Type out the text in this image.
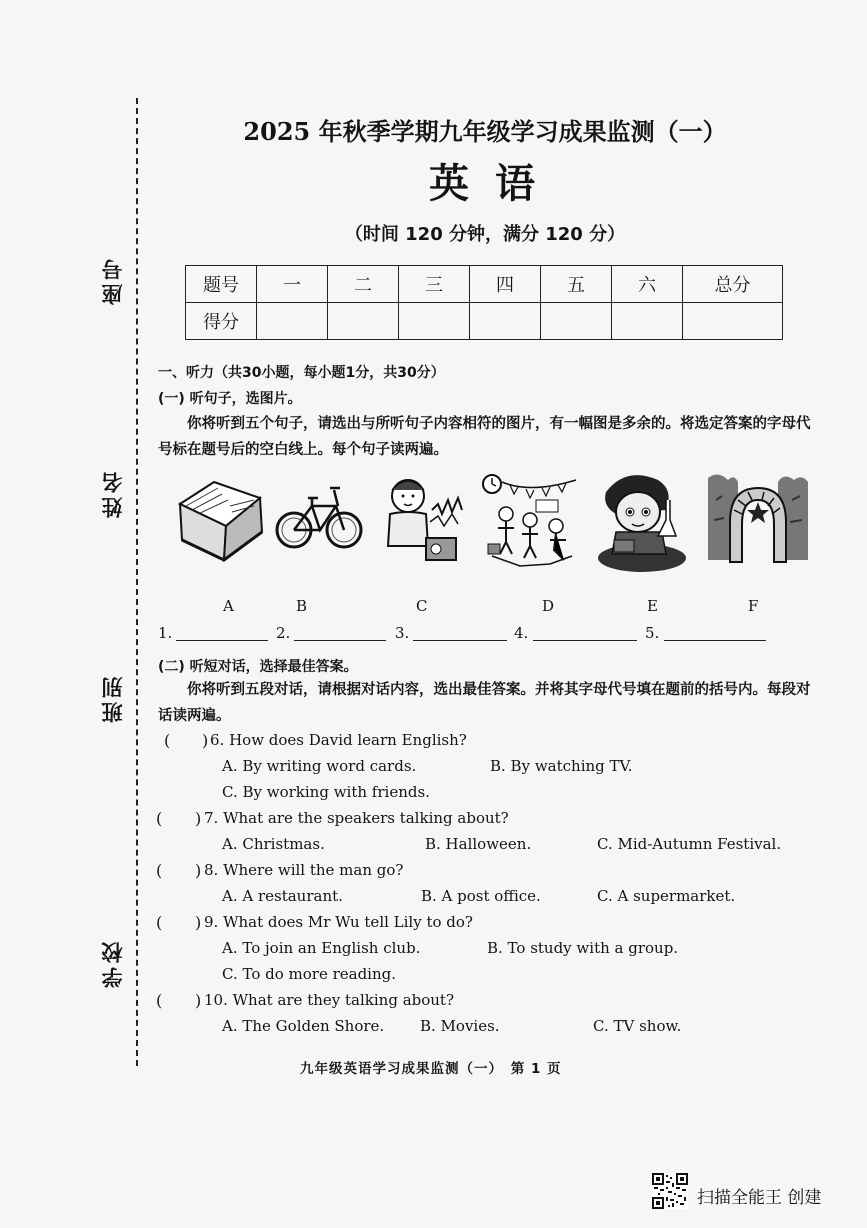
座号
姓名
班别
学校
2025 年秋季学期九年级学习成果监测（一）
英 语
（时间 120 分钟，满分 120 分）
题号	一	二	三	四	五	六	总分
得分							
一、听力（共30小题，每小题1分，共30分）
(一) 听句子，选图片。
你将听到五个句子，请选出与所听句子内容相符的图片，有一幅图是多余的。将选定答案的字母代号标在题号后的空白线上。每个句子读两遍。
A	B	C	D	E	F
1.	2.	3.	4.	5.
(二) 听短对话，选择最佳答案。
你将听到五段对话，请根据对话内容，选出最佳答案。并将其字母代号填在题前的括号内。每段对话读两遍。
( ) 6. How does David learn English?
A. By writing word cards.	B. By watching TV.
C. By working with friends.
( ) 7. What are the speakers talking about?
A. Christmas.	B. Halloween.	C. Mid-Autumn Festival.
( ) 8. Where will the man go?
A. A restaurant.	B. A post office.	C. A supermarket.
( ) 9. What does Mr Wu tell Lily to do?
A. To join an English club.	B. To study with a group.
C. To do more reading.
( ) 10. What are they talking about?
A. The Golden Shore. B. Movies.	C. TV show.
九年级英语学习成果监测（一）　第 1 页
扫描全能王 创建
